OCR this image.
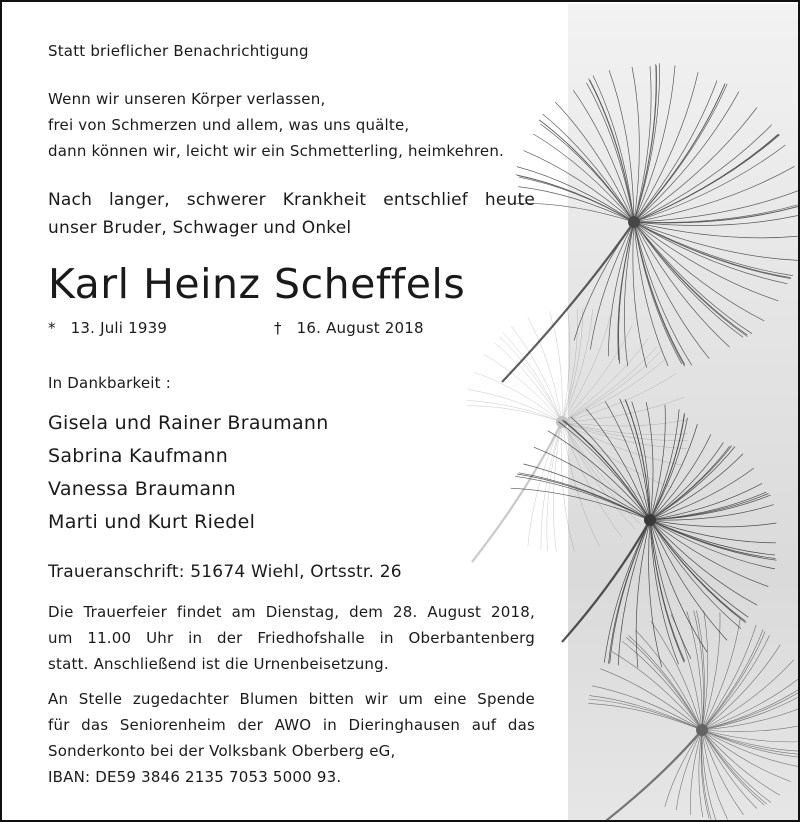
Statt brieflicher Benachrichtigung
Wenn wir unseren Körper verlassen,
frei von Schmerzen und allem, was uns quälte,
dann können wir, leicht wir ein Schmetterling, heimkehren.
Nach langer, schwerer Krankheit entschlief heute
unser Bruder, Schwager und Onkel
Karl Heinz Scheffels
* 13. Juli 1939	† 16. August 2018
In Dankbarkeit :
Gisela und Rainer Braumann
Sabrina Kaufmann
Vanessa Braumann
Marti und Kurt Riedel
Traueranschrift: 51674 Wiehl, Ortsstr. 26
Die Trauerfeier findet am Dienstag, dem 28. August 2018,
um 11.00 Uhr in der Friedhofshalle in Oberbantenberg
statt. Anschließend ist die Urnenbeisetzung.
An Stelle zugedachter Blumen bitten wir um eine Spende
für das Seniorenheim der AWO in Dieringhausen auf das
Sonderkonto bei der Volksbank Oberberg eG,
IBAN: DE59 3846 2135 7053 5000 93.
